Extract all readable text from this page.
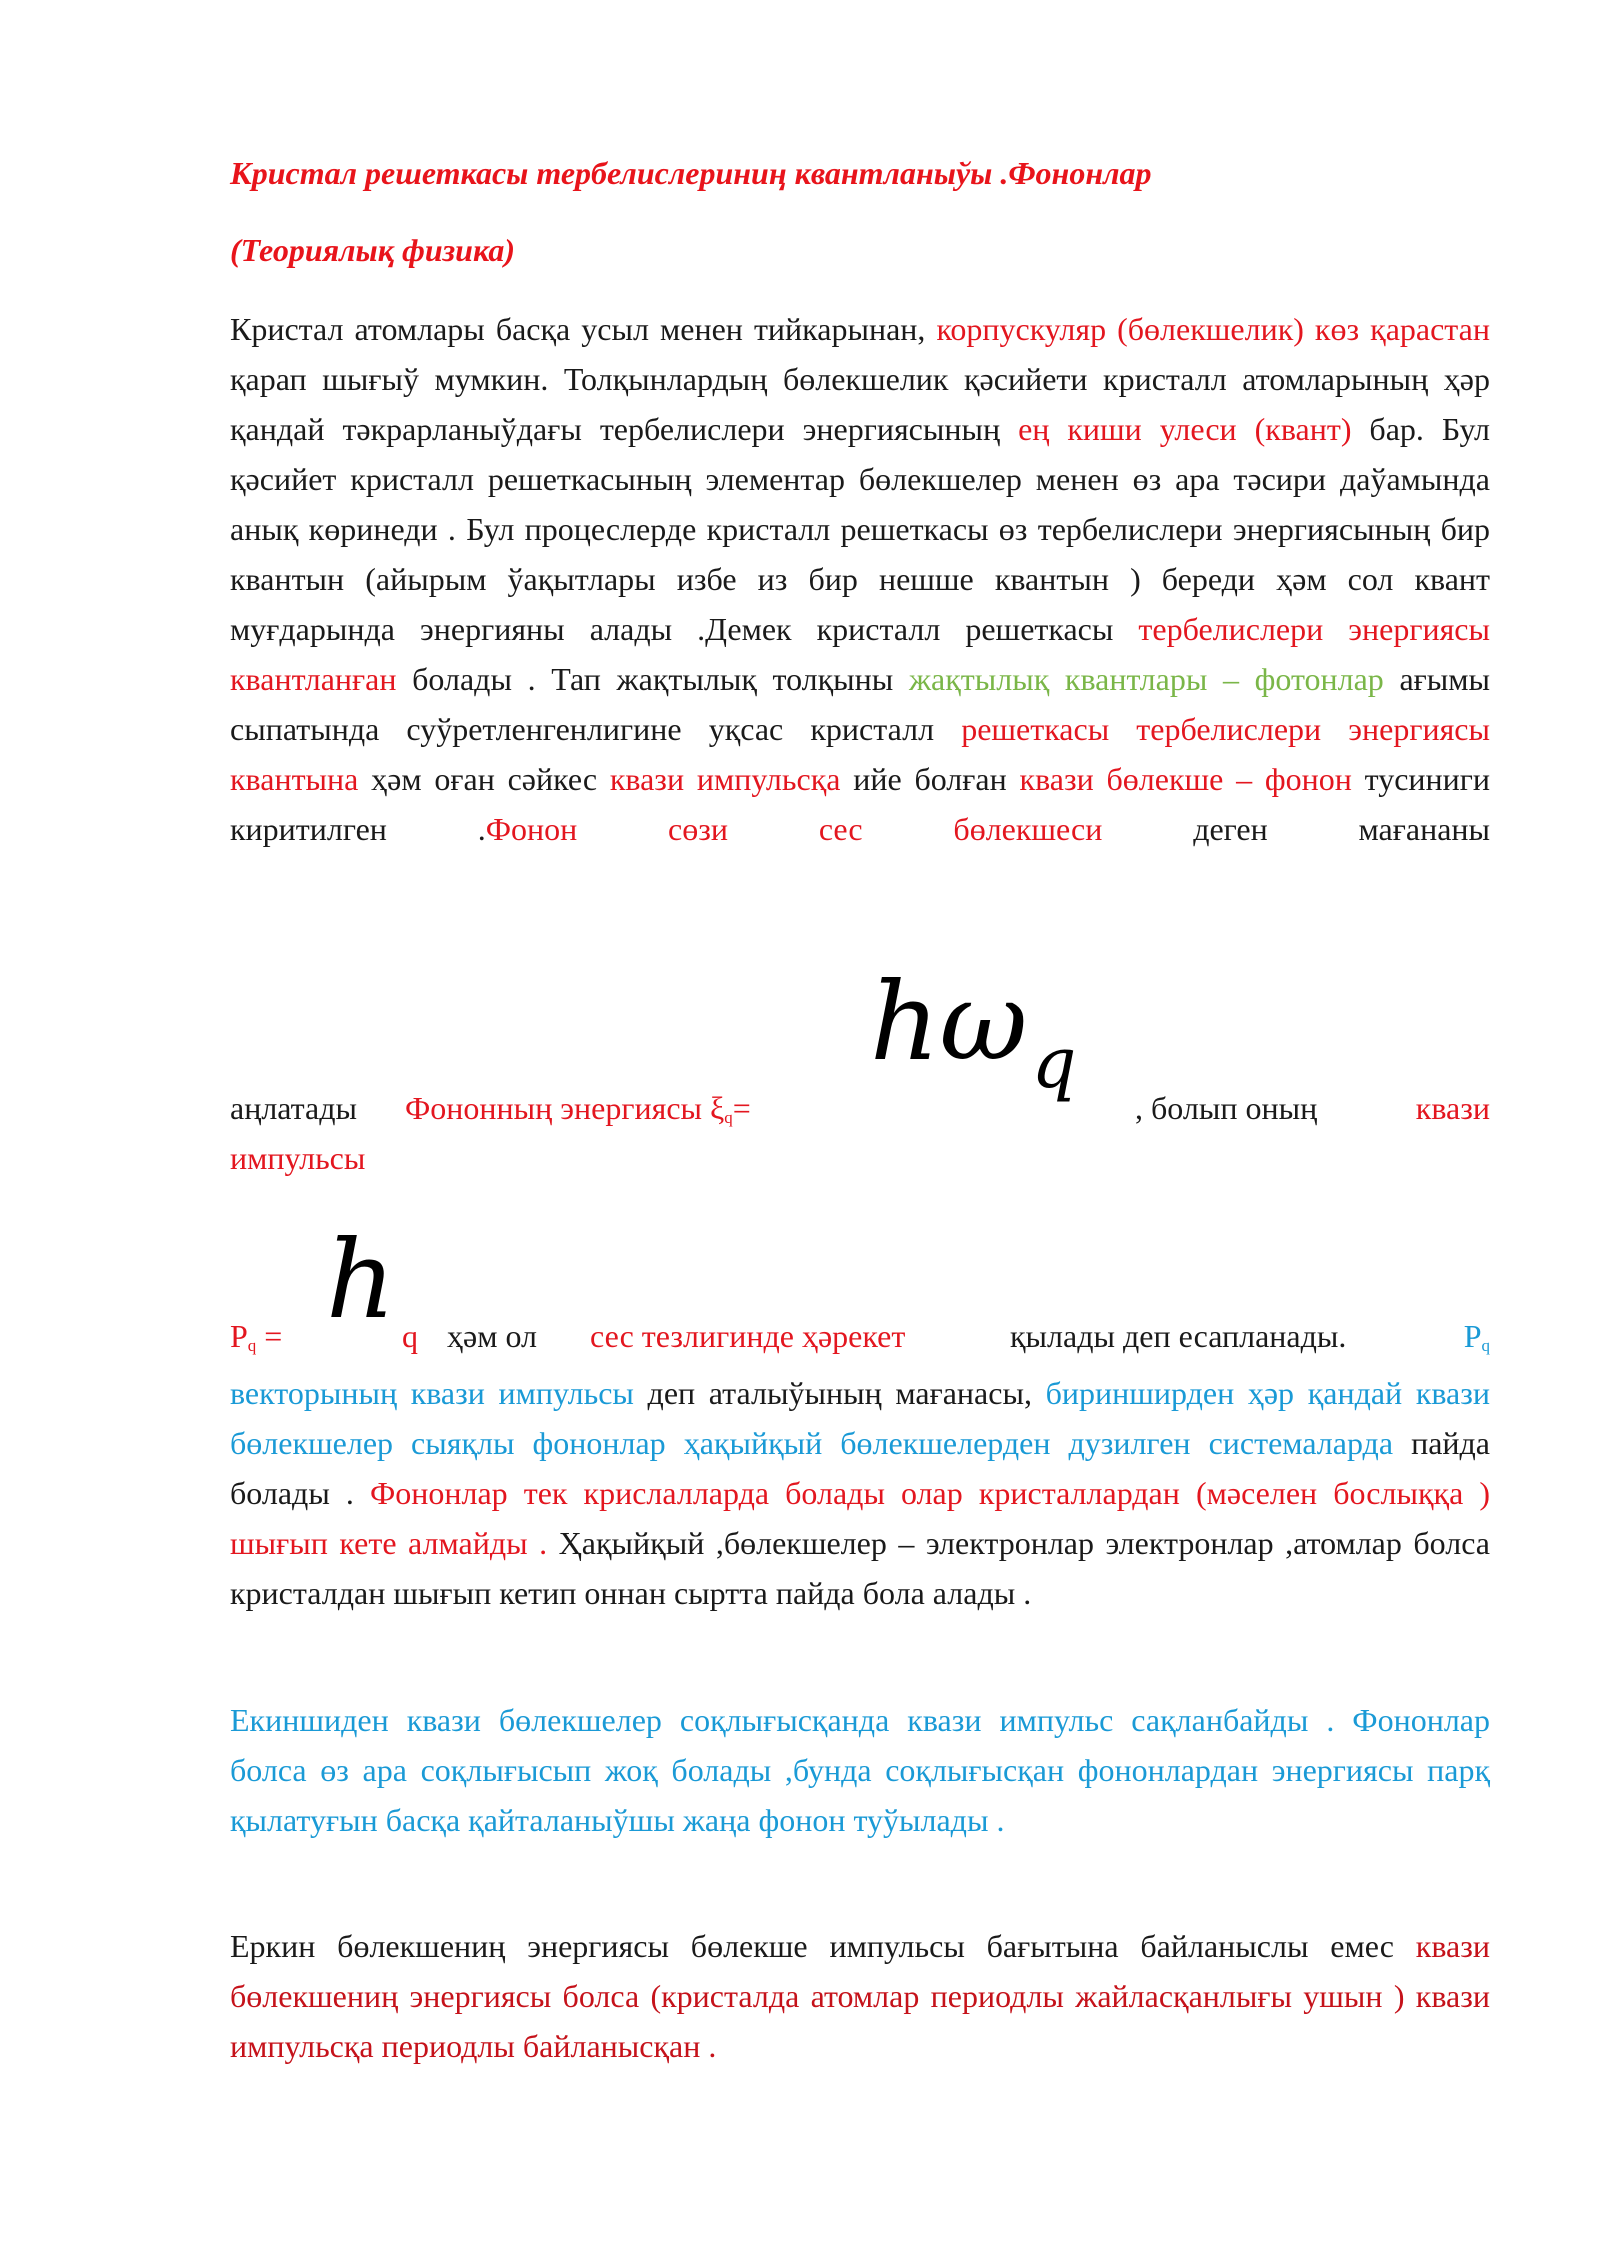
Кристал решеткасы тербелислериниң квантланыўы .Фононлар

(Теориялық физика)

Кристал атомлары басқа усыл менен тийкарынан, корпускуляр (бөлекшелик) көз қарастан қарап шығыў мумкин. Толқынлардың бөлекшелик қәсийети кристалл атомларының ҳәр қандай тәкрарланыўдағы тербелислери энергиясының ең киши улеси (квант) бар. Бул қәсийет кристалл решеткасының элементар бөлекшелер менен өз ара тәсири даўамында анық көринеди . Бул процеслерде кристалл решеткасы өз тербелислери энергиясының бир квантын (айырым ўақытлары избе из бир нешше квантын ) береди ҳәм сол квант муғдарында энергияны алады .Демек кристалл решеткасы тербелислери энергиясы квантланған болады . Тап жақтылық толқыны жақтылық квантлары – фотонлар ағымы сыпатында суўретленгенлигине уқсас кристалл решеткасы тербелислери энергиясы квантына ҳәм оған сәйкес квази импульсқа ийе болған квази бөлекше – фонон тусиниги киритилген .Фонон сөзи сес бөлекшеси деген мағананы

hωq
аңлатады Фононның энергиясы $\xi_q=$	, болып оның	квази
импульсы
h
$P_q$ =	q ҳәм ол сес тезлигинде ҳәрекет	қылады деп есапланады.	$P_q$

векторының квази импульсы деп аталыўының мағанасы, биринширден ҳәр қандай квази бөлекшелер сыяқлы фононлар ҳақыйқый бөлекшелерден дузилген системаларда пайда болады . Фононлар тек крислалларда болады олар кристаллардан (мәселен бослыққа ) шығып кете алмайды . Ҳақыйқый ,бөлекшелер – электронлар электронлар ,атомлар болса кристалдан шығып кетип оннан сыртта пайда бола алады .

Екиншиден квази бөлекшелер соқлығысқанда квази импульс сақланбайды . Фононлар болса өз ара соқлығысып жоқ болады ,бунда соқлығысқан фононлардан энергиясы парқ қылатуғын басқа қайталаныўшы жаңа фонон туўылады .

Еркин бөлекшениң энергиясы бөлекше импульсы бағытына байланыслы емес квази бөлекшениң энергиясы болса (кристалда атомлар периодлы жайласқанлығы ушын ) квази импульсқа периодлы байланысқан .
